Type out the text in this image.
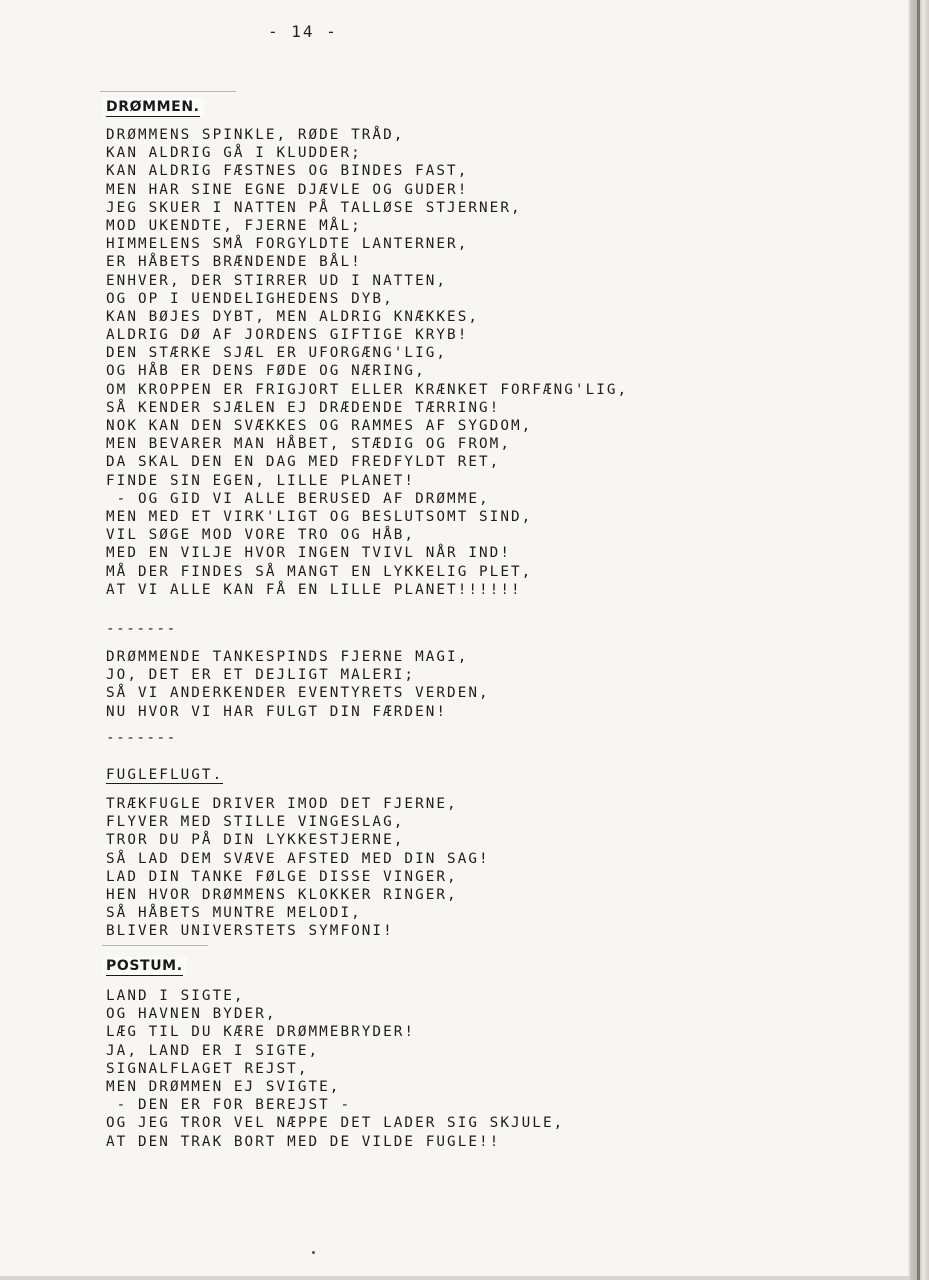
- 14 -
DRØMMEN.
DRØMMENS SPINKLE, RØDE TRÅD,
KAN ALDRIG GÅ I KLUDDER;
KAN ALDRIG FÆSTNES OG BINDES FAST,
MEN HAR SINE EGNE DJÆVLE OG GUDER!
JEG SKUER I NATTEN PÅ TALLØSE STJERNER,
MOD UKENDTE, FJERNE MÅL;
HIMMELENS SMÅ FORGYLDTE LANTERNER,
ER HÅBETS BRÆNDENDE BÅL!
ENHVER, DER STIRRER UD I NATTEN,
OG OP I UENDELIGHEDENS DYB,
KAN BØJES DYBT, MEN ALDRIG KNÆKKES,
ALDRIG DØ AF JORDENS GIFTIGE KRYB!
DEN STÆRKE SJÆL ER UFORGÆNG'LIG,
OG HÅB ER DENS FØDE OG NÆRING,
OM KROPPEN ER FRIGJORT ELLER KRÆNKET FORFÆNG'LIG,
SÅ KENDER SJÆLEN EJ DRÆDENDE TÆRRING!
NOK KAN DEN SVÆKKES OG RAMMES AF SYGDOM,
MEN BEVARER MAN HÅBET, STÆDIG OG FROM,
DA SKAL DEN EN DAG MED FREDFYLDT RET,
FINDE SIN EGEN, LILLE PLANET!
- OG GID VI ALLE BERUSED AF DRØMME,
MEN MED ET VIRK'LIGT OG BESLUTSOMT SIND,
VIL SØGE MOD VORE TRO OG HÅB,
MED EN VILJE HVOR INGEN TVIVL NÅR IND!
MÅ DER FINDES SÅ MANGT EN LYKKELIG PLET,
AT VI ALLE KAN FÅ EN LILLE PLANET!!!!!!
-------
DRØMMENDE TANKESPINDS FJERNE MAGI,
JO, DET ER ET DEJLIGT MALERI;
SÅ VI ANDERKENDER EVENTYRETS VERDEN,
NU HVOR VI HAR FULGT DIN FÆRDEN!
-------
FUGLEFLUGT.
TRÆKFUGLE DRIVER IMOD DET FJERNE,
FLYVER MED STILLE VINGESLAG,
TROR DU PÅ DIN LYKKESTJERNE,
SÅ LAD DEM SVÆVE AFSTED MED DIN SAG!
LAD DIN TANKE FØLGE DISSE VINGER,
HEN HVOR DRØMMENS KLOKKER RINGER,
SÅ HÅBETS MUNTRE MELODI,
BLIVER UNIVERSTETS SYMFONI!
POSTUM.
LAND I SIGTE,
OG HAVNEN BYDER,
LÆG TIL DU KÆRE DRØMMEBRYDER!
JA, LAND ER I SIGTE,
SIGNALFLAGET REJST,
MEN DRØMMEN EJ SVIGTE,
- DEN ER FOR BEREJST -
OG JEG TROR VEL NÆPPE DET LADER SIG SKJULE,
AT DEN TRAK BORT MED DE VILDE FUGLE!!
